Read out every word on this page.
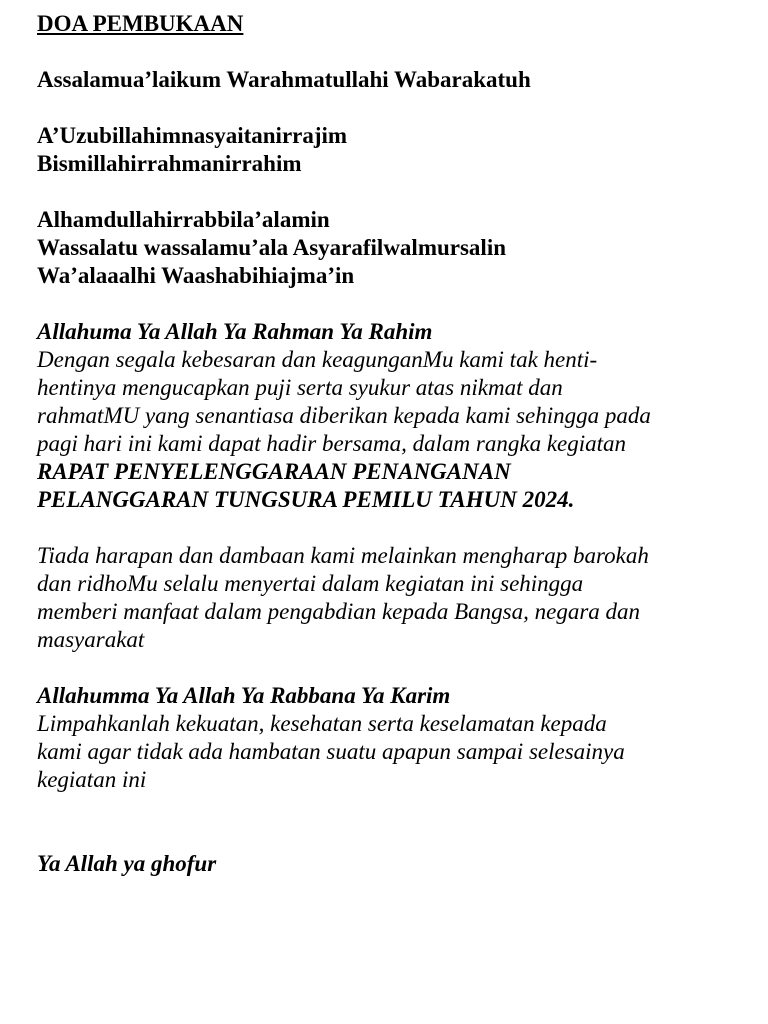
DOA PEMBUKAAN
Assalamua’laikum Warahmatullahi Wabarakatuh
A’Uzubillahimnasyaitanirrajim
Bismillahirrahmanirrahim
Alhamdullahirrabbila’alamin
Wassalatu wassalamu’ala Asyarafilwalmursalin
Wa’alaaalhi Waashabihiajma’in
Allahuma Ya Allah Ya Rahman Ya Rahim
Dengan segala kebesaran dan keagunganMu kami tak henti-
hentinya mengucapkan puji serta syukur atas nikmat dan
rahmatMU yang senantiasa diberikan kepada kami sehingga pada
pagi hari ini kami dapat hadir bersama, dalam rangka kegiatan
RAPAT PENYELENGGARAAN PENANGANAN
PELANGGARAN TUNGSURA PEMILU TAHUN 2024.
Tiada harapan dan dambaan kami melainkan mengharap barokah
dan ridhoMu selalu menyertai dalam kegiatan ini sehingga
memberi manfaat dalam pengabdian kepada Bangsa, negara dan
masyarakat
Allahumma Ya Allah Ya Rabbana Ya Karim
Limpahkanlah kekuatan, kesehatan serta keselamatan kepada
kami agar tidak ada hambatan suatu apapun sampai selesainya
kegiatan ini
Ya Allah ya ghofur
